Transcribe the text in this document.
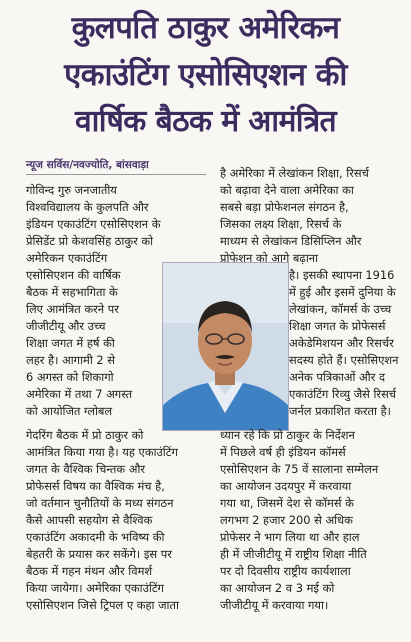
कुलपति ठाकुर अमेरिकन
एकाउंटिंग एसोसिएशन की
वार्षिक बैठक में आमंत्रित
न्यूज सर्विस/नवज्योति, बांसवाड़ा
गोविन्द गुरु जनजातीय
विश्वविद्यालय के कुलपति और
इंडियन एकाउंटिंग एसोसिएशन के
प्रेसिडेंट प्रो केशवसिंह ठाकुर को
अमेरिकन एकाउंटिंग
एसोसिएशन की वार्षिक
बैठक में सहभागिता के
लिए आमंत्रित करने पर
जीजीटीयू और उच्च
शिक्षा जगत में हर्ष की
लहर है। आगामी 2 से
6 अगस्त को शिकागो
अमेरिका में तथा 7 अगस्त
को आयोजित ग्लोबल
गेदरिंग बैठक में प्रो ठाकुर को
आमंत्रित किया गया है। यह एकाउंटिंग
जगत के वैश्विक चिन्तक और
प्रोफेसर्स विषय का वैश्विक मंच है,
जो वर्तमान चुनौतियों के मध्य संगठन
कैसे आपसी सहयोग से वैश्विक
एकाउंटिंग अकादमी के भविष्य की
बेहतरी के प्रयास कर सकेंगे। इस पर
बैठक में गहन मंथन और विमर्श
किया जायेगा। अमेरिका एकाउंटिंग
एसोसिएशन जिसे ट्रिपल ए कहा जाता
है अमेरिका में लेखांकन शिक्षा, रिसर्च
को बढ़ावा देने वाला अमेरिका का
सबसे बड़ा प्रोफेशनल संगठन है,
जिसका लक्ष्य शिक्षा, रिसर्च के
माध्यम से लेखांकन डिसिप्लिन और
प्रोफेशन को आगे बढ़ाना
है। इसकी स्थापना 1916
में हुई और इसमें दुनिया के
लेखांकन, कॉमर्स के उच्च
शिक्षा जगत के प्रोफेसर्स
अकेडेमिशयन और रिसर्चर
सदस्य होते हैं। एसोसिएशन
अनेक पत्रिकाओं और द
एकाउंटिंग रिव्यु जैसे रिसर्च
जर्नल प्रकाशित करता है।
ध्यान रहे कि प्रो ठाकुर के निर्देशन
में पिछले वर्ष ही इंडियन कॉमर्स
एसोसिएशन के 75 वें सालाना सम्मेलन
का आयोजन उदयपुर में करवाया
गया था, जिसमें देश से कॉमर्स के
लगभग 2 हजार 200 से अधिक
प्रोफेसर ने भाग लिया था और हाल
ही में जीजीटीयू में राष्ट्रीय शिक्षा नीति
पर दो दिवसीय राष्ट्रीय कार्यशाला
का आयोजन 2 व 3 मई को
जीजीटीयू में करवाया गया।
